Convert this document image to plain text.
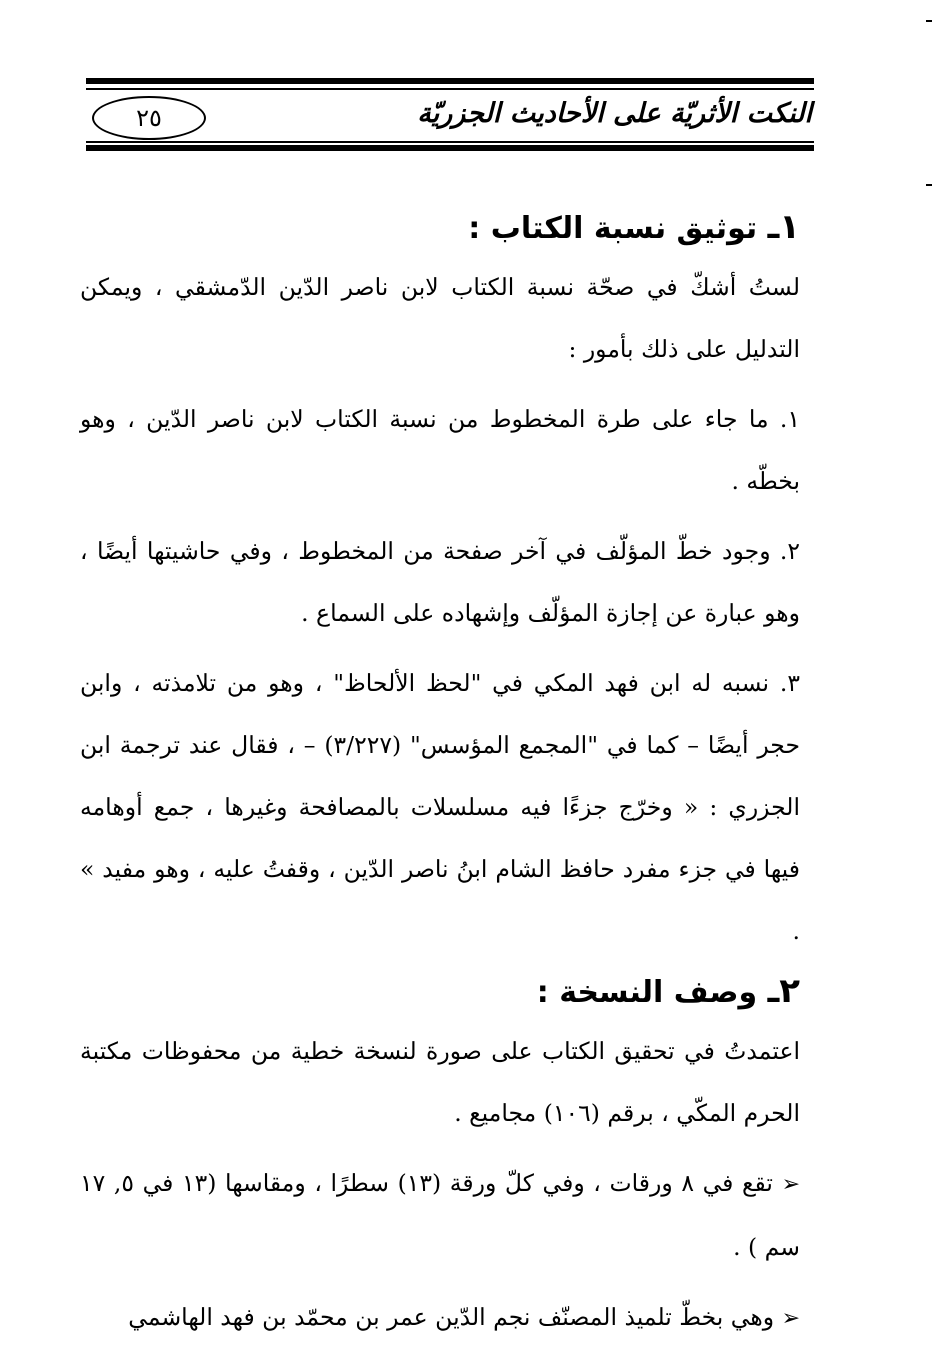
النكت الأثريّة على الأحاديث الجزريّة
٢٥
١ـ توثيق نسبة الكتاب :

لستُ أشكّ في صحّة نسبة الكتاب لابن ناصر الدّين الدّمشقي ، ويمكن التدليل على ذلك بأمور :

١. ما جاء على طرة المخطوط من نسبة الكتاب لابن ناصر الدّين ، وهو بخطّه .

٢. وجود خطّ المؤلّف في آخر صفحة من المخطوط ، وفي حاشيتها أيضًا ، وهو عبارة عن إجازة المؤلّف وإشهاده على السماع .

٣. نسبه له ابن فهد المكي في "لحظ الألحاظ" ، وهو من تلامذته ، وابن حجر أيضًا – كما في "المجمع المؤسس" (٣/٢٢٧) – ، فقال عند ترجمة ابن الجزري : « وخرّج جزءًا فيه مسلسلات بالمصافحة وغيرها ، جمع أوهامه فيها في جزء مفرد حافظ الشام ابنُ ناصر الدّين ، وقفتُ عليه ، وهو مفيد » .

٢ـ وصف النسخة :

اعتمدتُ في تحقيق الكتاب على صورة لنسخة خطية من محفوظات مكتبة الحرم المكّي ، برقم (١٠٦) مجاميع .

➢ تقع في ٨ ورقات ، وفي كلّ ورقة (١٣) سطرًا ، ومقاسها (١٣ في ٥, ١٧ سم ) .

➢ وهي بخطّ تلميذ المصنّف نجم الدّين عمر بن محمّد بن فهد الهاشمي
